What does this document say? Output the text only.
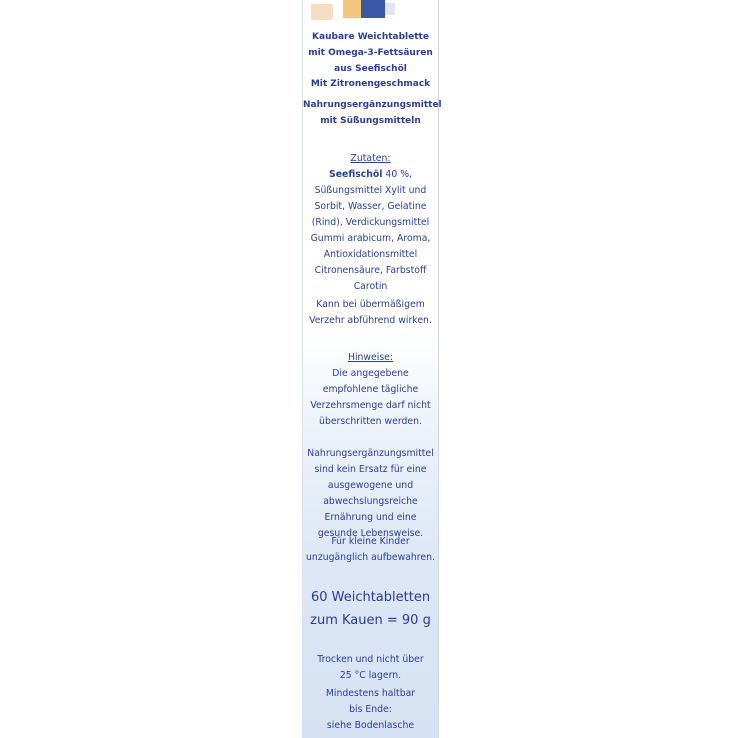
Kaubare Weichtablette
mit Omega-3-Fettsäuren
aus Seefischöl
Mit Zitronengeschmack
Nahrungsergänzungsmittel
mit Süßungsmitteln
Zutaten:
Seefischöl 40 %,
Süßungsmittel Xylit und
Sorbit, Wasser, Gelatine
(Rind), Verdickungsmittel
Gummi arabicum, Aroma,
Antioxidationsmittel
Citronensäure, Farbstoff
Carotin
Kann bei übermäßigem
Verzehr abführend wirken.
Hinweise:
Die angegebene
empfohlene tägliche
Verzehrsmenge darf nicht
überschritten werden.
Nahrungsergänzungsmittel
sind kein Ersatz für eine
ausgewogene und
abwechslungsreiche
Ernährung und eine
gesunde Lebensweise.
Für kleine Kinder
unzugänglich aufbewahren.
60 Weichtabletten
zum Kauen = 90 g
Trocken und nicht über
25 °C lagern.
Mindestens haltbar
bis Ende:
siehe Bodenlasche
